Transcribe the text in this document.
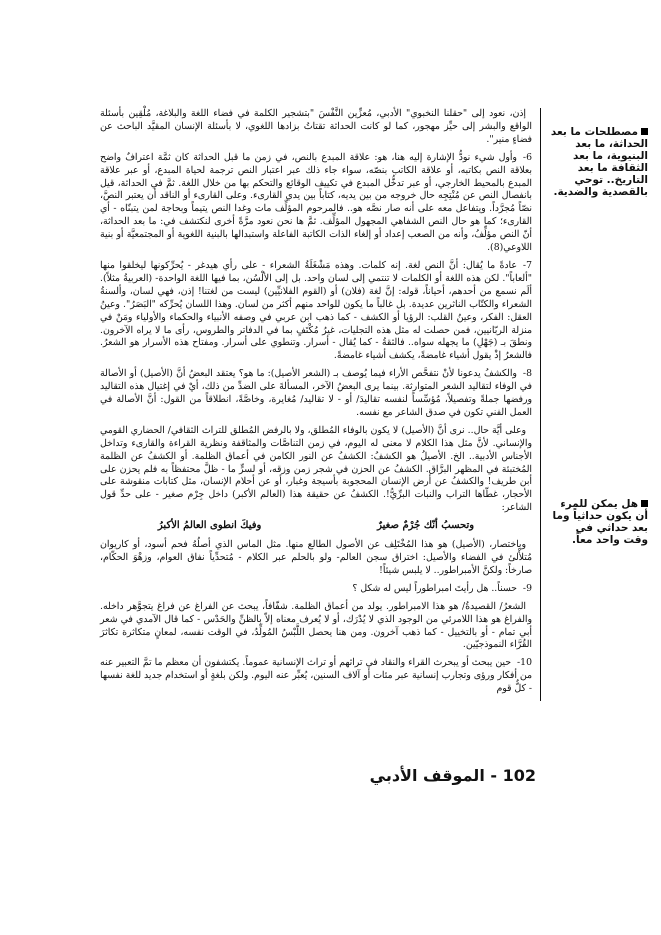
مصطلحات ما بعد الحداثة، ما بعد البنيوية، ما بعد الثقافة ما بعد التاريخ.. توحي بالقصدية والضدية.
هل يمكن للمرء أن يكون حداثياً وما بعد حداثي في وقت واحد معاً.

إذن، نعود إلى "حقلنا النخبوي" الأدبي، مُعزِّين النَّفْسَ "بتشجير الكلمة في فضاء اللغة والبلاغة، مُلْقِين بأسئلة الواقع والبشر إلى حيِّز مهجور، كما لو كانت الحداثة تقتاتُ بزادها اللغوي، لا بأسئلة الإنسان المقيَّد الباحث عن فضاءٍ منير".

6-وأول شيء نودُّ الإشارة إليه هنا، هو: علاقة المبدع بالنص، في زمن ما قبل الحداثة كان ثمَّة اعترافٌ واضح بعلاقة النص بكاتبه، أو علاقة الكاتب بنصّه، سواء جاء ذلك عبر اعتبار النص ترجمة لحياة المبدع، أو عبر علاقة المبدع بالمحيط الخارجي، أو عبر تدخُّل المبدع في تكييف الوقائع والتحكم بها من خلال اللغة. ثمَّ في الحداثة، قيل بانفصال النص عن مُنْتِجِه حال خروجه من بين يديه، كتاباً بين يدي القارىء. وعلى القارىء أو الناقد أن يعتبر النصَّ، نصّاً مُجرَّداً. ويتفاعل معه على أنه صار نصَّه هو.. فالمرحوم المؤلِّف مات وغدا النص يتيماً وبحاجة لمن يتبنّاه - أي القارىء؛ كما هو حال النص الشفاهي المجهول المؤلِّف. ثمَّ ها نحن نعود مرَّةً أخرى لنكتشف في: ما بعد الحداثة، أنّ النص مؤلِّفُ، وأنه من الصعب إعداد أو إلغاء الذات الكاتبة الفاعلة واستبدالها بالبنية اللغوية أو المجتمعيَّة أو بنية اللاوعي(8).

7-عادةً ما يُقال: أنَّ النص لغة. إنه كلمات. وهذه مَشْغَلَةُ الشعراء - على رأي هيدغر - يُحرِّكونها ليخلقوا منها "ألعاباً". لكن هذه اللغة أو الكلمات لا تنتمي إلى لسان واحد. بل إلى الألْسُن، بما فيها اللغة الواحدة- (العربيةُ مثلاً). ألَم نسمع من أحدهم، أحياناً، قوله: إنَّ لغة (فلان) أو (القوم الفلانيِّين) ليست من لغتنا! إذن، فهي لسان، وألسنةُ الشعراء والكتّاب الناثرين عديدة. بل غالباً ما يكون للواحد منهم أكثر من لسان. وهذا اللسان يُحرِّكه "البَصَرُ". وعينُ العقل: الفكر، وعينُ القلب: الرؤيا أو الكشف - كما ذهب ابن عربي في وصفه الأنبياء والحكماء والأولياء ومَنْ في منزلة الربّانيين، فمن حصلت له مثل هذه التجليات، غيرُ مُكْتَفٍ بما في الدفاتر والطروس، رأى ما لا يراه الآخرون. ونطقَ بـ (جَهْلِ) ما يجهله سواه.. فالثقةُ - كما يُقال - أسرار. وتنطوي على أسرار. ومفتاح هذه الأسرار هو الشعرُ. فالشعرُ إذْ يقول أشياء غامضةً، يكشف أشياء غامضةً.

8-والكشفُ يدعونا لأنْ نتفحَّص الأراء فيما يُوصف بـ (الشعر الأصيل): ما هو؟ يعتقد البعضُ أنَّ (الأصيل) أو الأصالة في الوفاء لتقاليد الشعر المتوارثة. بينما يرى البعضُ الآخر، المسألةَ على الضدِّ من ذلك، أيْ في إغتيال هذه التقاليد ورفضها جملةً وتفصيلاً، مُؤسِّساً لنفسه تقاليدَ/ أو - لا تقاليد/ مُغايرة، وخاصَّةً، انطلاقاً من القول: أنَّ الأصالة في العمل الفني تكون في صدق الشاعر مع نفسه.

وعلى أيَّة حال.. نرى أنَّ (الأصيل) لا يكون بالوفاء المُطلق، ولا بالرفض المُطلق للتراث الثقافي/ الحضاري القومي والإنساني. لأنَّ مثل هذا الكلام لا معنى له اليوم، في زمن التناصَّات والمثاقفة ونظرية القراءة والقارىء وتداخل الأجناس الأدبية.. الخ. الأصيلُ هو الكشفُ: الكشفُ عن النور الكامن في أعماق الظلمة. أو الكشفُ عن الظلمة المُختبئة في المظهر البرَّاق. الكشفُ عن الحزن في شجر زمن وزقه، أو لسرٍّ ما - ظلَّ محتفظاً به فلم يحزن على أبن طريف! والكشفُ عن أرض الإنسان المحجوبة بأسيجة وغبار، أو عن أحلام الإنسان، مثل كتابات منقوشة على الأحجار، غطّاها التراب والنبات البرِّيُّ!. الكشفُ عن حقيقة هذا (العالم الأكبر) داخل جِرْم صغير - على حدِّ قول الشاعر:

وتحسبُ أنّك جُرْمٌ صغيرٌ
وفيكَ انطوى العالمُ الأكبرُ

وباختصار، (الأصيل) هو هذا المُخْتَلِف عن الأصول الطالع منها. مثل الماس الذي أصلُهُ فحم أسود، أو كاريوان مُتلأْلئ في الفضاء والأصيل: اختراق سجن العالم- ولو بالحلم عبر الكلام - مُتحدِّياً نفاق العوام، وزهْوَ الحكّام، صارخاً: ولكنَّ الأمبراطور.. لا يلبس شيئاً!

9-حسناً.. هل رأيتَ امبراطوراً ليس له شكل ؟

الشعرُ/ القصيدةُ/ هو هذا الامبراطور. يولد من أعماق الظلمة. شفّافاً، يبحث عن الفراغ عن فراغ يتجوَّهر داخله. والفراغ هو هذا اللامرئي من الوجود الذي لا يُدْرَك، أو لا يُعرف معناه إلاّ بالظنِّ والحَدْس - كما قال الآمدي في شعر أبي تمام - أو بالتخييل - كما ذهب آخرون. ومن هنا يحصل اللَّبْسُ المُولِّدُ، في الوقت نفسه، لمعانٍ متكاثرة تكاثرَ القُرَّاء النموذجيّين.

10-حين يبحث أو يبحرث القراء والنقاد في تراثهم أو تراث الإنسانية عموماً. يكتشفون أن معظم ما تمَّ التعبير عنه من أفكار ورؤى وتجارب إنسانية عبر مئات أو آلاف السنين، يُعبِّر عنه اليوم. ولكن بلغةٍ أو استخدام جديد للغة نفسها - كلٌّ قوم

102 - الموقف الأدبي
